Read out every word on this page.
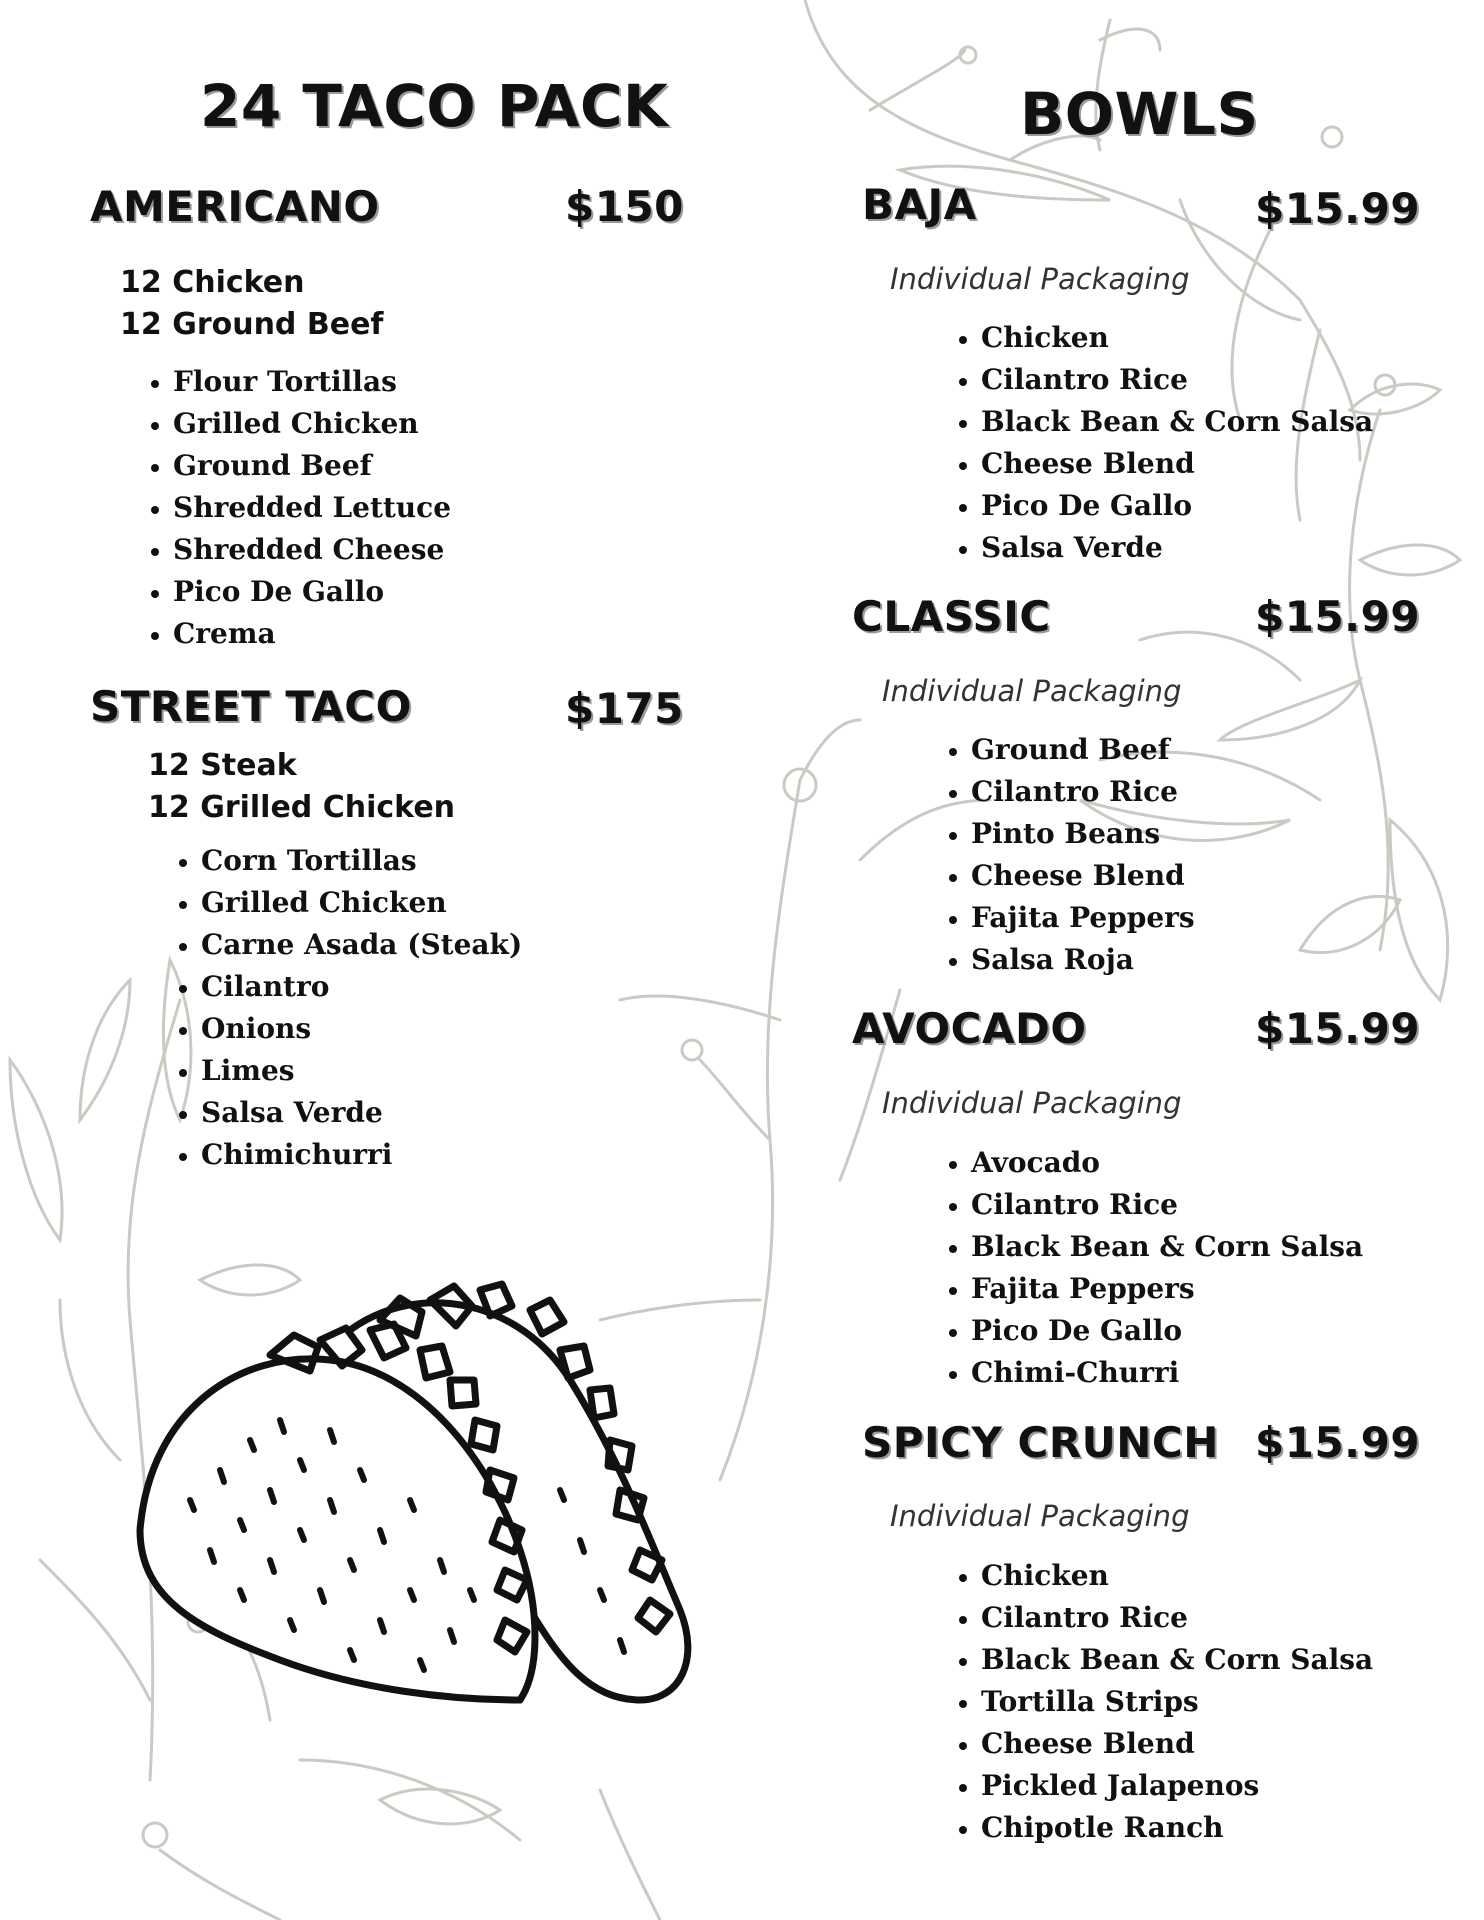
24 TACO PACK
AMERICANO	$150
12 Chicken
12 Ground Beef
• Flour Tortillas
• Grilled Chicken
• Ground Beef
• Shredded Lettuce
• Shredded Cheese
• Pico De Gallo
• Crema
STREET TACO	$175
12 Steak
12 Grilled Chicken
• Corn Tortillas
• Grilled Chicken
• Carne Asada (Steak)
• Cilantro
• Onions
• Limes
• Salsa Verde
• Chimichurri
BOWLS
BAJA	$15.99
Individual Packaging
• Chicken
• Cilantro Rice
• Black Bean & Corn Salsa
• Cheese Blend
• Pico De Gallo
• Salsa Verde
CLASSIC	$15.99
Individual Packaging
• Ground Beef
• Cilantro Rice
• Pinto Beans
• Cheese Blend
• Fajita Peppers
• Salsa Roja
AVOCADO	$15.99
Individual Packaging
• Avocado
• Cilantro Rice
• Black Bean & Corn Salsa
• Fajita Peppers
• Pico De Gallo
• Chimi-Churri
SPICY CRUNCH $15.99
Individual Packaging
• Chicken
• Cilantro Rice
• Black Bean & Corn Salsa
• Tortilla Strips
• Cheese Blend
• Pickled Jalapenos
• Chipotle Ranch
